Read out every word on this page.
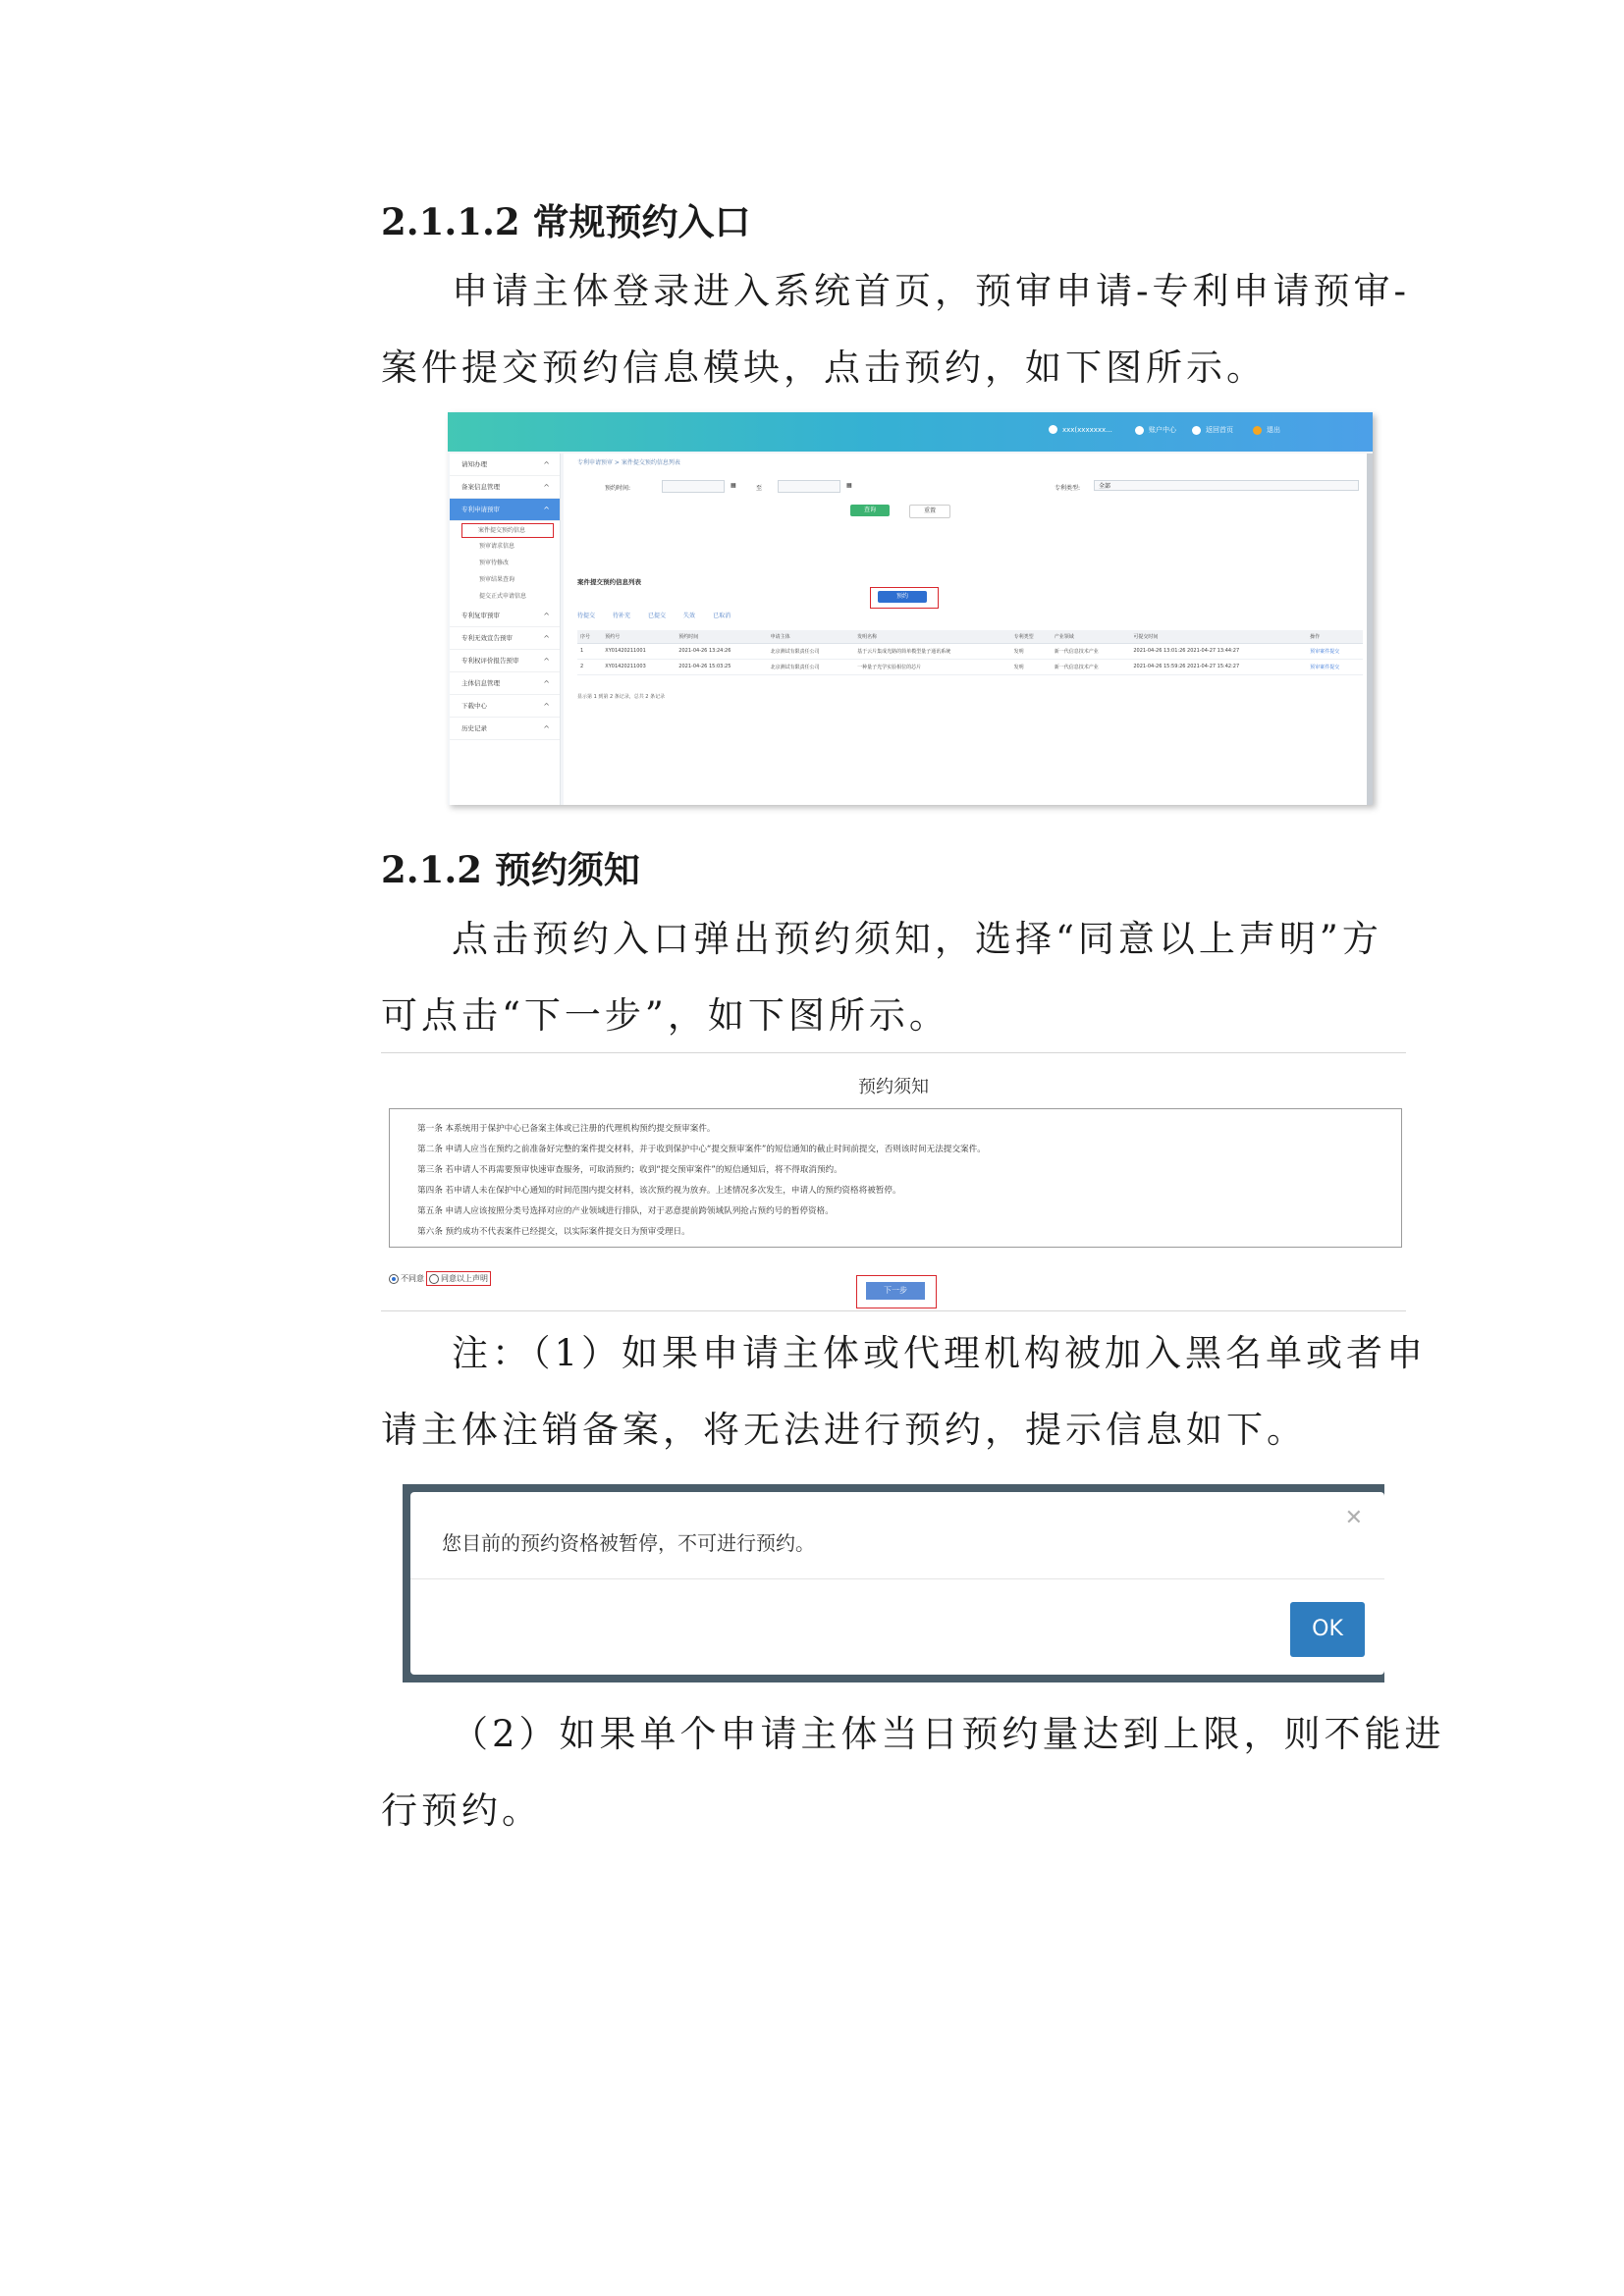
2.1.1.2 常规预约入口

申请主体登录进入系统首页，预审申请-专利申请预审-

案件提交预约信息模块，点击预约，如下图所示。

xxx(xxxxxxx...	账户中心	返回首页	退出
请知办理 ^
备案信息管理 ^
专利申请预审 ^
案件提交预约信息
预审请求信息
预审待修改
预审结果查询
提交正式申请信息
专利复审预审 ^
专利无效宣告预审 ^
专利权评价报告预审 ^
主体信息管理 ^
下载中心 ^
历史记录 ^
专利申请预审 > 案件提交预约信息列表
预约时间:	▦	至	▦	专利类型:	全部
查询	重置
案件提交预约信息列表
预约
待提交	待补充	已提交	失效	已取消
序号	预约号	预约时间	申请主体	发明名称	专利类型	产业领域	可提交时间	操作
1	XY01420211001	2021-04-26 13:24:26	北京测试有限责任公司	基于云片集成光路的简单模型量子通讯系统	发明	新一代信息技术产业	2021-04-26 13:01:26 2021-04-27 13:44:27	预审案件提交
2	XY01420211003	2021-04-26 15:03:25	北京测试有限责任公司	一种量子光学实验相位的芯片	发明	新一代信息技术产业	2021-04-26 15:59:26 2021-04-27 15:42:27	预审案件提交
显示第 1 到第 2 条记录，总共 2 条记录
2.1.2 预约须知

点击预约入口弹出预约须知，选择“同意以上声明”方

可点击“下一步”，如下图所示。

预约须知
第一条 本系统用于保护中心已备案主体或已注册的代理机构预约提交预审案件。
第二条 申请人应当在预约之前准备好完整的案件提交材料，并于收到保护中心“提交预审案件”的短信通知的截止时间前提交，否则该时间无法提交案件。
第三条 若申请人不再需要预审快速审查服务，可取消预约；收到“提交预审案件”的短信通知后，将不得取消预约。
第四条 若申请人未在保护中心通知的时间范围内提交材料，该次预约视为放弃。上述情况多次发生，申请人的预约资格将被暂停。
第五条 申请人应该按照分类号选择对应的产业领域进行排队，对于恶意提前跨领域队列抢占预约号的暂停资格。
第六条 预约成功不代表案件已经提交，以实际案件提交日为预审受理日。
不同意 同意以上声明
下一步

注：（1）如果申请主体或代理机构被加入黑名单或者申

请主体注销备案，将无法进行预约，提示信息如下。

您目前的预约资格被暂停，不可进行预约。
✕
OK

（2）如果单个申请主体当日预约量达到上限，则不能进

行预约。
